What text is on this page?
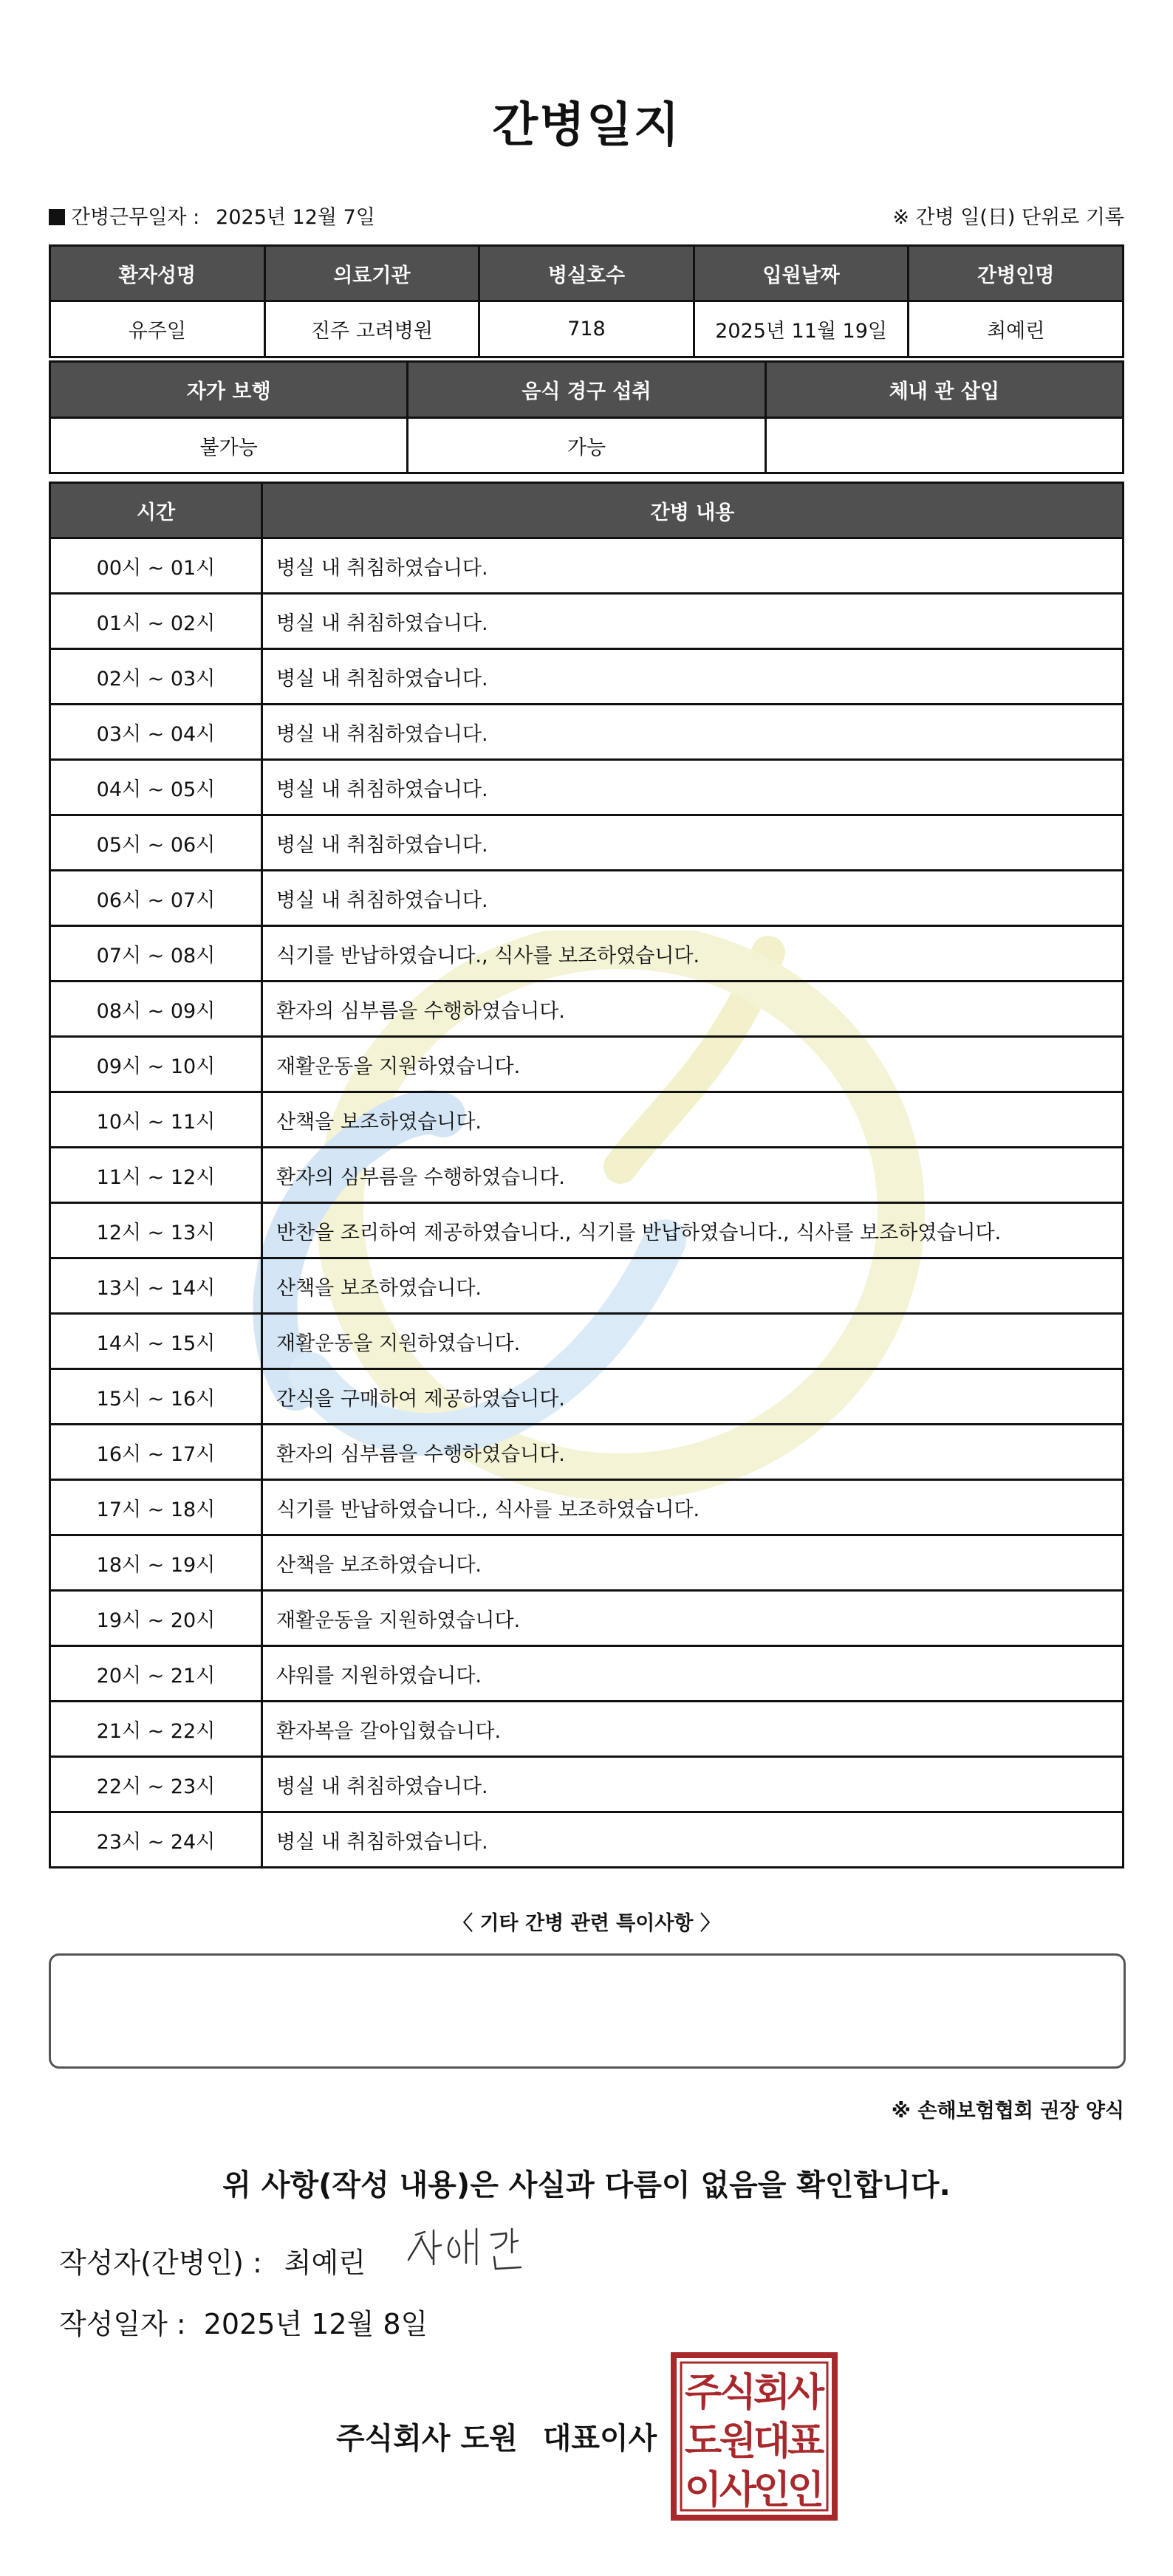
간병일지
간병근무일자 : 2025년 12월 7일	※ 간병 일(日) 단위로 기록
환자성명	의료기관	병실호수	입원날짜	간병인명
유주일	진주 고려병원	718	2025년 11월 19일	최예린
자가 보행	음식 경구 섭취	체내 관 삽입
불가능	가능	
시간	간병 내용
00시 ~ 01시	병실 내 취침하였습니다.
01시 ~ 02시	병실 내 취침하였습니다.
02시 ~ 03시	병실 내 취침하였습니다.
03시 ~ 04시	병실 내 취침하였습니다.
04시 ~ 05시	병실 내 취침하였습니다.
05시 ~ 06시	병실 내 취침하였습니다.
06시 ~ 07시	병실 내 취침하였습니다.
07시 ~ 08시	식기를 반납하였습니다., 식사를 보조하였습니다.
08시 ~ 09시	환자의 심부름을 수행하였습니다.
09시 ~ 10시	재활운동을 지원하였습니다.
10시 ~ 11시	산책을 보조하였습니다.
11시 ~ 12시	환자의 심부름을 수행하였습니다.
12시 ~ 13시	반찬을 조리하여 제공하였습니다., 식기를 반납하였습니다., 식사를 보조하였습니다.
13시 ~ 14시	산책을 보조하였습니다.
14시 ~ 15시	재활운동을 지원하였습니다.
15시 ~ 16시	간식을 구매하여 제공하였습니다.
16시 ~ 17시	환자의 심부름을 수행하였습니다.
17시 ~ 18시	식기를 반납하였습니다., 식사를 보조하였습니다.
18시 ~ 19시	산책을 보조하였습니다.
19시 ~ 20시	재활운동을 지원하였습니다.
20시 ~ 21시	샤워를 지원하였습니다.
21시 ~ 22시	환자복을 갈아입혔습니다.
22시 ~ 23시	병실 내 취침하였습니다.
23시 ~ 24시	병실 내 취침하였습니다.
〈 기타 간병 관련 특이사항 〉
※ 손해보험협회 권장 양식
위 사항(작성 내용)은 사실과 다름이 없음을 확인합니다.
작성자(간병인) : 최예린
작성일자 : 2025년 12월 8일
주식회사 도원 대표이사
주
식
회
사
도
원
대
표
이
사
인
인
